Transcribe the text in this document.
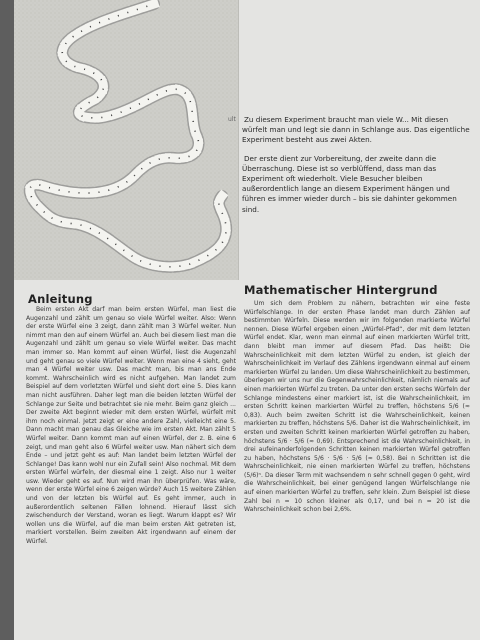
ult Zu diesem Experiment braucht man viele W... Mit diesen würfelt man und legt sie dann in Schlange aus. Das eigentliche Experiment besteht aus zwei Akten.

Der erste dient zur Vorbereitung, der zweite dann die Überraschung. Diese ist so verblüffend, dass man das Experiment oft wiederholt. Viele Besucher bleiben außerordentlich lange an diesem Experiment hängen und führen es immer wieder durch – bis sie dahinter gekommen sind.

Anleitung
Mathematischer Hintergrund

Beim ersten Akt darf man beim ersten Würfel, man liest die Augenzahl und zählt um genau so viele Würfel weiter. Also: Wenn der erste Würfel eine 3 zeigt, dann zählt man 3 Würfel weiter. Nun nimmt man den auf einem Würfel an. Auch bei diesem liest man die Augenzahl und zählt um genau so viele Würfel weiter. Das macht man immer so. Man kommt auf einen Würfel, liest die Augenzahl und geht genau so viele Würfel weiter. Wenn man eine 4 sieht, geht man 4 Würfel weiter usw. Das macht man, bis man ans Ende kommt. Wahrscheinlich wird es nicht aufgehen. Man landet zum Beispiel auf dem vorletzten Würfel und sieht dort eine 5. Dies kann man nicht ausführen. Daher legt man die beiden letzten Würfel der Schlange zur Seite und betrachtet sie nie mehr. Beim ganz gleich ... Der zweite Akt beginnt wieder mit dem ersten Würfel, würfelt mit ihm noch einmal. Jetzt zeigt er eine andere Zahl, vielleicht eine 5. Dann macht man genau das Gleiche wie im ersten Akt. Man zählt 5 Würfel weiter. Dann kommt man auf einen Würfel, der z. B. eine 6 zeigt, und man geht also 6 Würfel weiter usw. Man nähert sich dem Ende – und jetzt geht es auf: Man landet beim letzten Würfel der Schlange! Das kann wohl nur ein Zufall sein! Also nochmal. Mit dem ersten Würfel würfeln, der diesmal eine 1 zeigt. Also nur 1 weiter usw. Wieder geht es auf. Nun wird man ihn überprüfen. Was wäre, wenn der erste Würfel eine 6 zeigen würde? Auch 15 weitere Zählen und von der letzten bis Würfel auf. Es geht immer, auch in außerordentlich seltenen Fällen lohnend. Hierauf lässt sich zwischendurch der Verstand, woran es liegt. Warum klappt es? Wir wollen uns die Würfel, auf die man beim ersten Akt getreten ist, markiert vorstellen. Beim zweiten Akt irgendwann auf einem der Würfel.

Um sich dem Problem zu nähern, betrachten wir eine feste Würfelschlange. In der ersten Phase landet man durch Zählen auf bestimmten Würfeln. Diese werden wir im folgenden markierte Würfel nennen. Diese Würfel ergeben einen „Würfel-Pfad“, der mit dem letzten Würfel endet. Klar, wenn man einmal auf einen markierten Würfel tritt, dann bleibt man immer auf diesem Pfad. Das heißt: Die Wahrscheinlichkeit mit dem letzten Würfel zu enden, ist gleich der Wahrscheinlichkeit im Verlauf des Zählens irgendwann einmal auf einem markierten Würfel zu landen. Um diese Wahrscheinlichkeit zu bestimmen, überlegen wir uns nur die Gegenwahrscheinlichkeit, nämlich niemals auf einen markierten Würfel zu treten. Da unter den ersten sechs Würfeln der Schlange mindestens einer markiert ist, ist die Wahrscheinlichkeit, im ersten Schritt keinen markierten Würfel zu treffen, höchstens 5/6 (≈ 0,83). Auch beim zweiten Schritt ist die Wahrscheinlichkeit, keinen markierten zu treffen, höchstens 5/6. Daher ist die Wahrscheinlichkeit, im ersten und zweiten Schritt keinen markierten Würfel getroffen zu haben, höchstens 5/6 · 5/6 (≈ 0,69). Entsprechend ist die Wahrscheinlichkeit, in drei aufeinanderfolgenden Schritten keinen markierten Würfel getroffen zu haben, höchstens 5/6 · 5/6 · 5/6 (≈ 0,58). Bei n Schritten ist die Wahrscheinlichkeit, nie einen markierten Würfel zu treffen, höchstens (5/6)ⁿ. Da dieser Term mit wachsendem n sehr schnell gegen 0 geht, wird die Wahrscheinlichkeit, bei einer genügend langen Würfelschlange nie auf einen markierten Würfel zu treffen, sehr klein. Zum Beispiel ist diese Zahl bei n = 10 schon kleiner als 0,17, und bei n = 20 ist die Wahrscheinlichkeit schon bei 2,6%.
